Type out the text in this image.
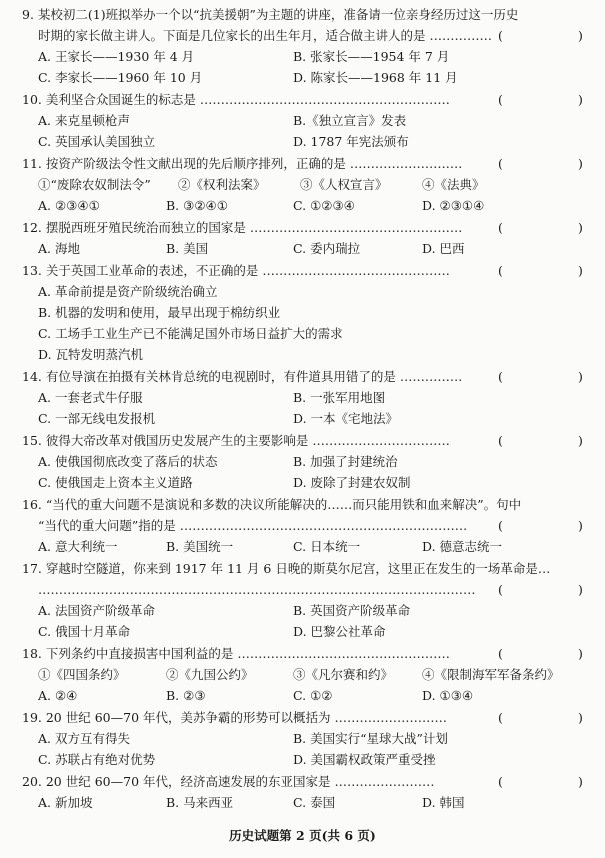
9. 某校初二(1)班拟举办一个以“抗美援朝”为主题的讲座，准备请一位亲身经历过这一历史
时期的家长做主讲人。下面是几位家长的出生年月，适合做主讲人的是 …………… (	)
A. 王家长——1930 年 4 月	B. 张家长——1954 年 7 月
C. 李家长——1960 年 10 月	D. 陈家长——1968 年 11 月
10. 美利坚合众国诞生的标志是 ……………………………………………………	(	)
A. 来克星顿枪声	B.《独立宣言》发表
C. 英国承认美国独立	D. 1787 年宪法颁布
11. 按资产阶级法令性文献出现的先后顺序排列，正确的是 ………………………	(	)
①“废除农奴制法令” ②《权利法案》	③《人权宣言》	④《法典》
A. ②③④①	B. ③②④①	C. ①②③④	D. ②③①④
12. 摆脱西班牙殖民统治而独立的国家是 ……………………………………………	(	)
A. 海地	B. 美国	C. 委内瑞拉	D. 巴西
13. 关于英国工业革命的表述，不正确的是 ………………………………………	(	)
A. 革命前提是资产阶级统治确立
B. 机器的发明和使用，最早出现于棉纺织业
C. 工场手工业生产已不能满足国外市场日益扩大的需求
D. 瓦特发明蒸汽机
14. 有位导演在拍摄有关林肯总统的电视剧时，有件道具用错了的是 ……………	(	)
A. 一套老式牛仔服	B. 一张军用地图
C. 一部无线电发报机	D. 一本《宅地法》
15. 彼得大帝改革对俄国历史发展产生的主要影响是 ……………………………	(	)
A. 使俄国彻底改变了落后的状态	B. 加强了封建统治
C. 使俄国走上资本主义道路	D. 废除了封建农奴制
16. “当代的重大问题不是演说和多数的决议所能解决的……而只能用铁和血来解决”。句中
“当代的重大问题”指的是 …………………………………………………………… (	)
A. 意大利统一	B. 美国统一	C. 日本统一	D. 德意志统一
17. 穿越时空隧道，你来到 1917 年 11 月 6 日晚的斯莫尔尼宫，这里正在发生的一场革命是…
…………………………………………………………………………………………… (	)
A. 法国资产阶级革命	B. 英国资产阶级革命
C. 俄国十月革命	D. 巴黎公社革命
18. 下列条约中直接损害中国利益的是 ……………………………………………	(	)
①《四国条约》	②《九国公约》	③《凡尔赛和约》 ④《限制海军军备条约》
A. ②④	B. ②③	C. ①②	D. ①③④
19. 20 世纪 60—70 年代，美苏争霸的形势可以概括为 ………………………	(	)
A. 双方互有得失	B. 美国实行“星球大战”计划
C. 苏联占有绝对优势	D. 美国霸权政策严重受挫
20. 20 世纪 60—70 年代，经济高速发展的东亚国家是 ……………………	(	)
A. 新加坡	B. 马来西亚	C. 泰国	D. 韩国
历史试题第 2 页(共 6 页)
